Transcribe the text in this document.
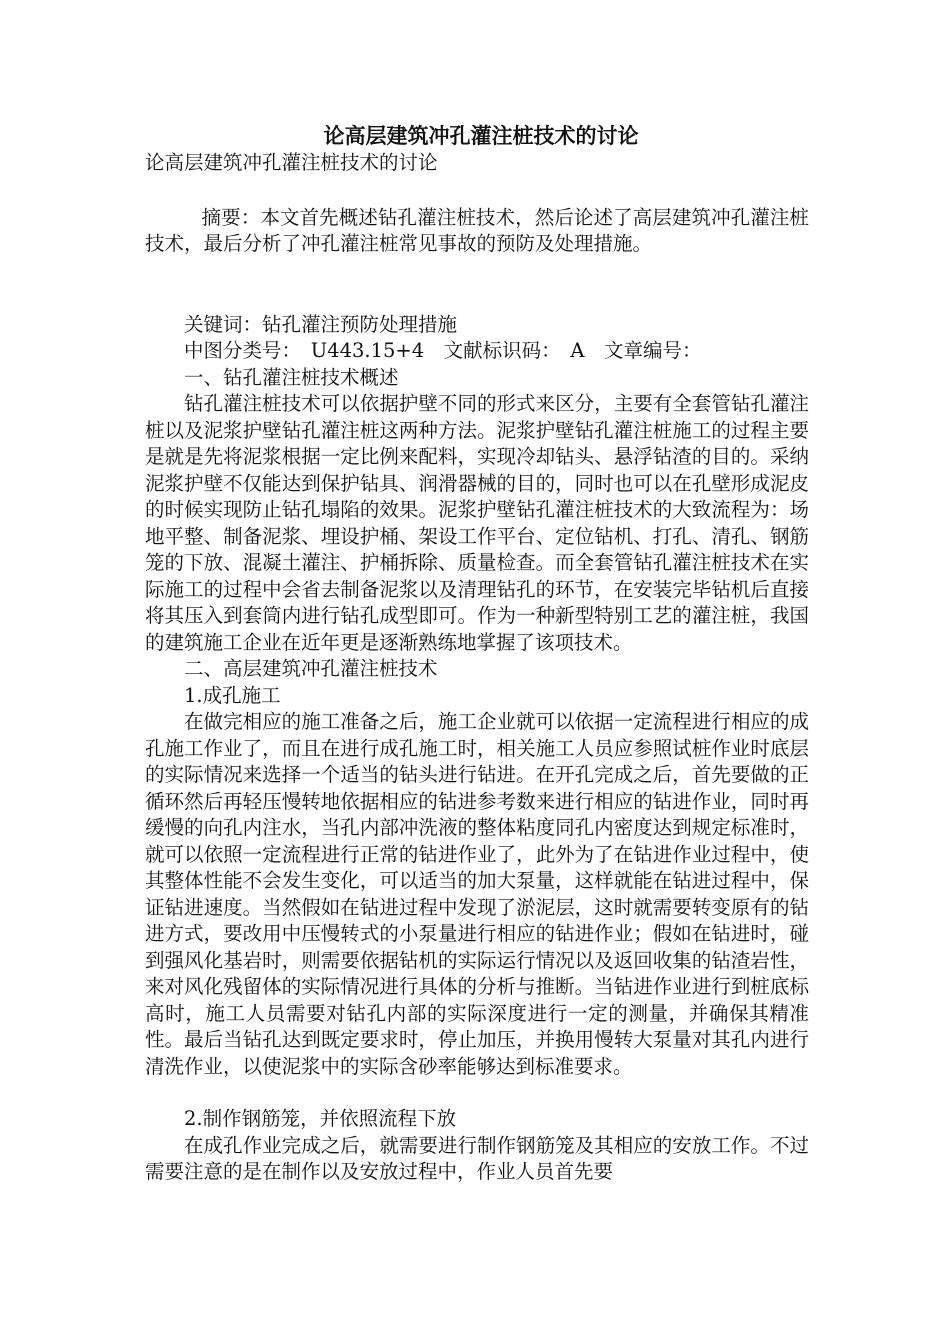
论高层建筑冲孔灌注桩技术的讨论

论高层建筑冲孔灌注桩技术的讨论

摘要：本文首先概述钻孔灌注桩技术，然后论述了高层建筑冲孔灌注桩技术，最后分析了冲孔灌注桩常见事故的预防及处理措施。

关键词：钻孔灌注预防处理措施

中图分类号：　U443.15+4　文献标识码：　A　文章编号：

一、钻孔灌注桩技术概述

钻孔灌注桩技术可以依据护壁不同的形式来区分，主要有全套管钻孔灌注桩以及泥浆护壁钻孔灌注桩这两种方法。泥浆护壁钻孔灌注桩施工的过程主要是就是先将泥浆根据一定比例来配料，实现冷却钻头、悬浮钻渣的目的。采纳泥浆护壁不仅能达到保护钻具、润滑器械的目的，同时也可以在孔壁形成泥皮的时候实现防止钻孔塌陷的效果。泥浆护壁钻孔灌注桩技术的大致流程为：场地平整、制备泥浆、埋设护桶、架设工作平台、定位钻机、打孔、清孔、钢筋笼的下放、混凝土灌注、护桶拆除、质量检查。而全套管钻孔灌注桩技术在实际施工的过程中会省去制备泥浆以及清理钻孔的环节，在安装完毕钻机后直接将其压入到套筒内进行钻孔成型即可。作为一种新型特别工艺的灌注桩，我国的建筑施工企业在近年更是逐渐熟练地掌握了该项技术。

二、高层建筑冲孔灌注桩技术

1.成孔施工

在做完相应的施工准备之后，施工企业就可以依据一定流程进行相应的成孔施工作业了，而且在进行成孔施工时，相关施工人员应参照试桩作业时底层的实际情况来选择一个适当的钻头进行钻进。在开孔完成之后，首先要做的正循环然后再轻压慢转地依据相应的钻进参考数来进行相应的钻进作业，同时再缓慢的向孔内注水，当孔内部冲洗液的整体粘度同孔内密度达到规定标准时，就可以依照一定流程进行正常的钻进作业了，此外为了在钻进作业过程中，使其整体性能不会发生变化，可以适当的加大泵量，这样就能在钻进过程中，保证钻进速度。当然假如在钻进过程中发现了淤泥层，这时就需要转变原有的钻进方式，要改用中压慢转式的小泵量进行相应的钻进作业；假如在钻进时，碰到强风化基岩时，则需要依据钻机的实际运行情况以及返回收集的钻渣岩性，来对风化残留体的实际情况进行具体的分析与推断。当钻进作业进行到桩底标高时，施工人员需要对钻孔内部的实际深度进行一定的测量，并确保其精准性。最后当钻孔达到既定要求时，停止加压，并换用慢转大泵量对其孔内进行清洗作业，以使泥浆中的实际含砂率能够达到标准要求。

2.制作钢筋笼，并依照流程下放

在成孔作业完成之后，就需要进行制作钢筋笼及其相应的安放工作。不过需要注意的是在制作以及安放过程中，作业人员首先要
